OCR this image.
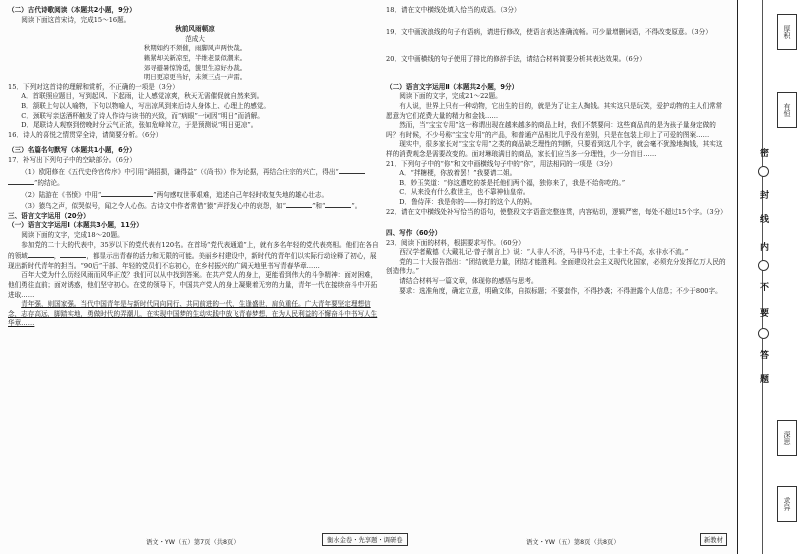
（二）古代诗歌阅读（本题共2小题，9分）

阅读下面这首宋诗，完成15～16题。

秋前风雨顿凉

范成大

秋期如约不须催，雨脚风声两快哉。

籁紧却关新凉至，半维老景似潮来。

郊寻避暑惊馋觅，箧里生凉好办裁。

明日更凉更当好，未须三点一声雷。

15．下列对这首诗的理解和赏析，不正确的一项是（3分）

A．首联照应题目，写到起风、下起雨，让人感觉凉爽，秋天无需催促就自然来到。

B．颔联上句以人喻物，下句以物喻人，写出凉风到来后诗人身体上、心理上的感觉。

C．颈联写亲送酒杯触发了诗人作诗与读书的兴致，而“病眼”一词因“明日”而消解。

D．尾联诗人观察到傍晚时分云气正浓，张如危峰耸立，于是预测说“明日更凉”。

16．诗人的喜悦之情贯穿全诗，请简要分析。（6分）

（三）名篇名句默写（本题共1小题，6分）

17．补写出下列句子中的空缺部分。（6分）

（1）欧阳修在《五代史伶官传序》中引用“满招损，谦得益”（《尚书》）作为论据，再结合庄宗的兴亡，得出“”的结论。

（2）陆游在《书愤》中用“	”两句感叹世事艰难，追述自己年轻时收复失地的雄心壮志。

（3）猿鸟之声，似哭似号，闻之令人心伤。古诗文中作者常借“猿”声抒发心中的哀怨，如“	”和“	”。

三、语言文字运用（20分）

（一）语言文字运用Ⅰ（本题共3小题，11分）

阅读下面的文字，完成18～20题。

参加党的二十大的代表中，35岁以下的党代表有120名。在首场“党代表通道”上，就有多名年轻的党代表亮相。他们在各自的领域	，	，都显示出青春的活力和无限的可能。美丽乡村建设中，新时代的青年们以实际行动诠释了初心，展现出新时代青年的担当。“90后”干部、年轻的党员们不忘初心，在乡村振兴的广阔天地里书写青春华章……

百年大党为什么历经风雨而风华正茂？我们可以从中找到答案。在共产党人的身上，更能看到伟大的斗争精神：面对困难，他们勇往直前；面对诱惑，他们坚守初心。在党的领导下，中国共产党人的身上凝聚着无穷的力量，青年一代在接续奋斗中开拓进取……

青年强，则国家强。当代中国青年是与新时代同向同行、共同前进的一代，生逢盛世，肩负重任。广大青年要坚定理想信念，志存高远，脚踏实地，勇做时代的弄潮儿，在实现中国梦的生动实践中放飞青春梦想，在为人民利益的不懈奋斗中书写人生华章……

18．请在文中横线处填入恰当的成语。（3分）

19．文中画波浪线的句子有语病，请进行修改，使语言表达准确流畅。可少量增删词语，不得改变原意。（3分）

20．文中画横线的句子使用了排比的修辞手法，请结合材料简要分析其表达效果。（6分）

（二）语言文字运用Ⅱ（本题共2小题，9分）

阅读下面的文字，完成21～22题。

有人说，世界上只有一种动物，它出生的目的，就是为了让主人掏钱。其实这只是玩笑，爱护动物的主人们常常愿意为它们花费大量的精力和金钱……

然而，当“宝宝专用”这一称谓出现在越来越多的商品上时，我们不禁要问：这些商品真的是为孩子量身定做的吗？有时候，不少号称“宝宝专用”的产品，和普通产品相比几乎没有差别，只是在包装上印上了可爱的图案……

现实中，很多家长对“宝宝专用”之类的商品缺乏理性的判断，只要看到这几个字，就会毫不犹豫地掏钱，其实这样的消费观念是需要改变的。面对琳琅满目的商品，家长们应当多一分理性，少一分盲目……

21．下列句子中的“你”和文中画横线句子中的“你”，用法相同的一项是（3分）

A．“拌糖梗，你放着罢！”我要请二姐。

B．妙玉笑道：“你这遭吃的茶是托他们两个福，独你来了，我是不给你吃的。”

C．从来没有什么救世主，也不靠神仙皇帝。

D．鲁侍萍：我是你的——你打的这个人的妈。

22．请在文中横线处补写恰当的语句，使整段文字语意完整连贯，内容贴切，逻辑严密，每处不超过15个字。（3分）

四、写作（60分）

23．阅读下面的材料，根据要求写作。（60分）

西汉学者戴德《大戴礼记·曾子制言上》说：“人非人不济，马非马不走，土非土不高，水非水不流。”

党的二十大报告指出：“团结就是力量，团结才能胜利。全面建设社会主义现代化国家，必须充分发挥亿万人民的创造伟力。”

请结合材料写一篇文章，体现你的感悟与思考。

要求：选准角度，确定立意，明确文体，自拟标题；不要套作，不得抄袭；不得泄露个人信息；不少于800字。

厚积
有恒
密
封
线
内
不
要
答
题
深思
求异
语文・YW（五）第7页（共8页）	衡水金卷・先享题・调研卷	语文・YW（五）第8页（共8页）	新教材
